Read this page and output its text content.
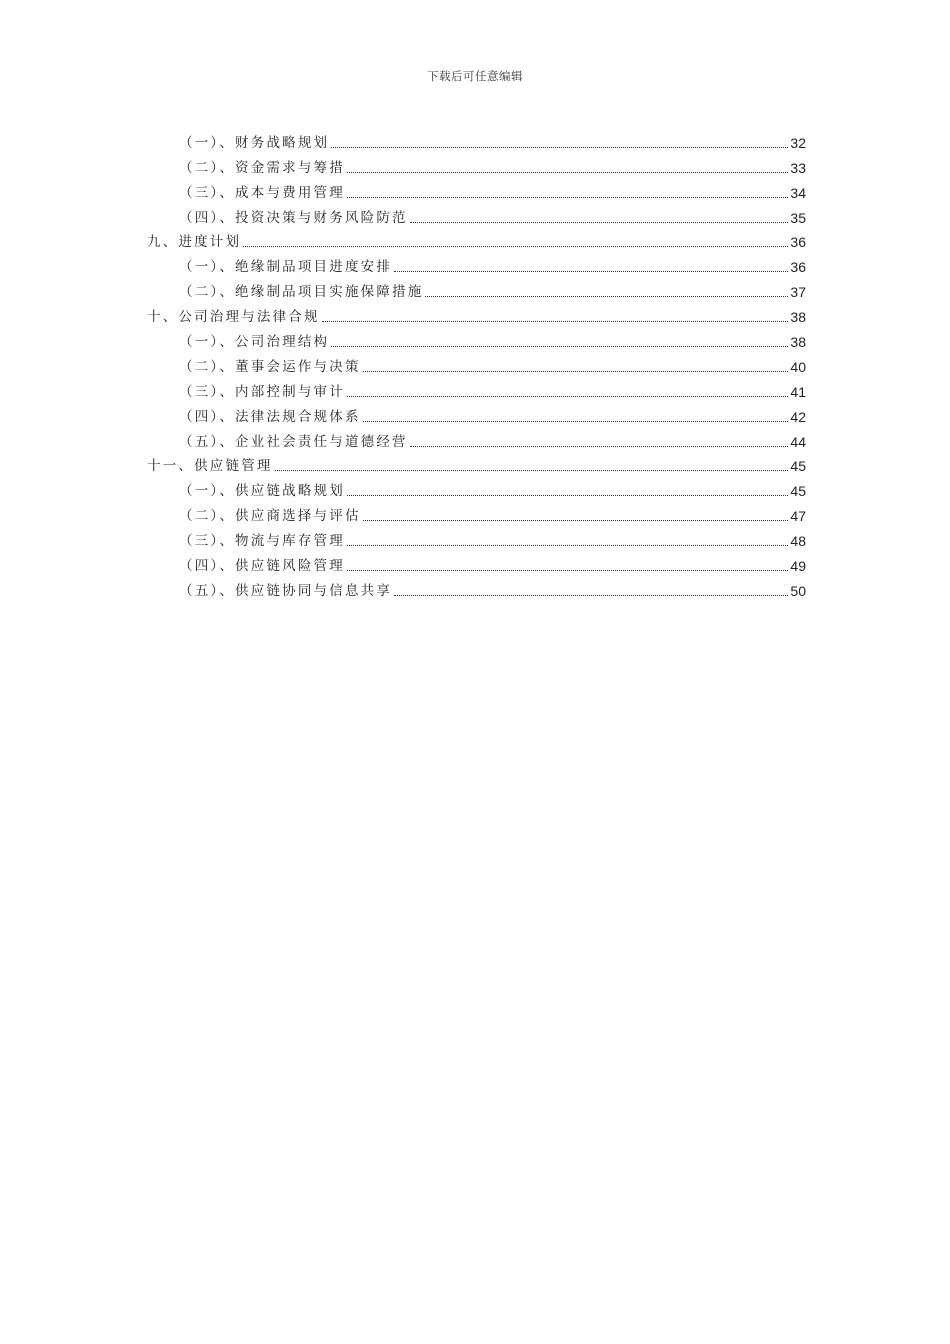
下载后可任意编辑
（一）、财务战略规划	32
（二）、资金需求与筹措	33
（三）、成本与费用管理	34
（四）、投资决策与财务风险防范	35
九、进度计划	36
（一）、绝缘制品项目进度安排	36
（二）、绝缘制品项目实施保障措施	37
十、公司治理与法律合规	38
（一）、公司治理结构	38
（二）、董事会运作与决策	40
（三）、内部控制与审计	41
（四）、法律法规合规体系	42
（五）、企业社会责任与道德经营	44
十一、供应链管理	45
（一）、供应链战略规划	45
（二）、供应商选择与评估	47
（三）、物流与库存管理	48
（四）、供应链风险管理	49
（五）、供应链协同与信息共享	50
